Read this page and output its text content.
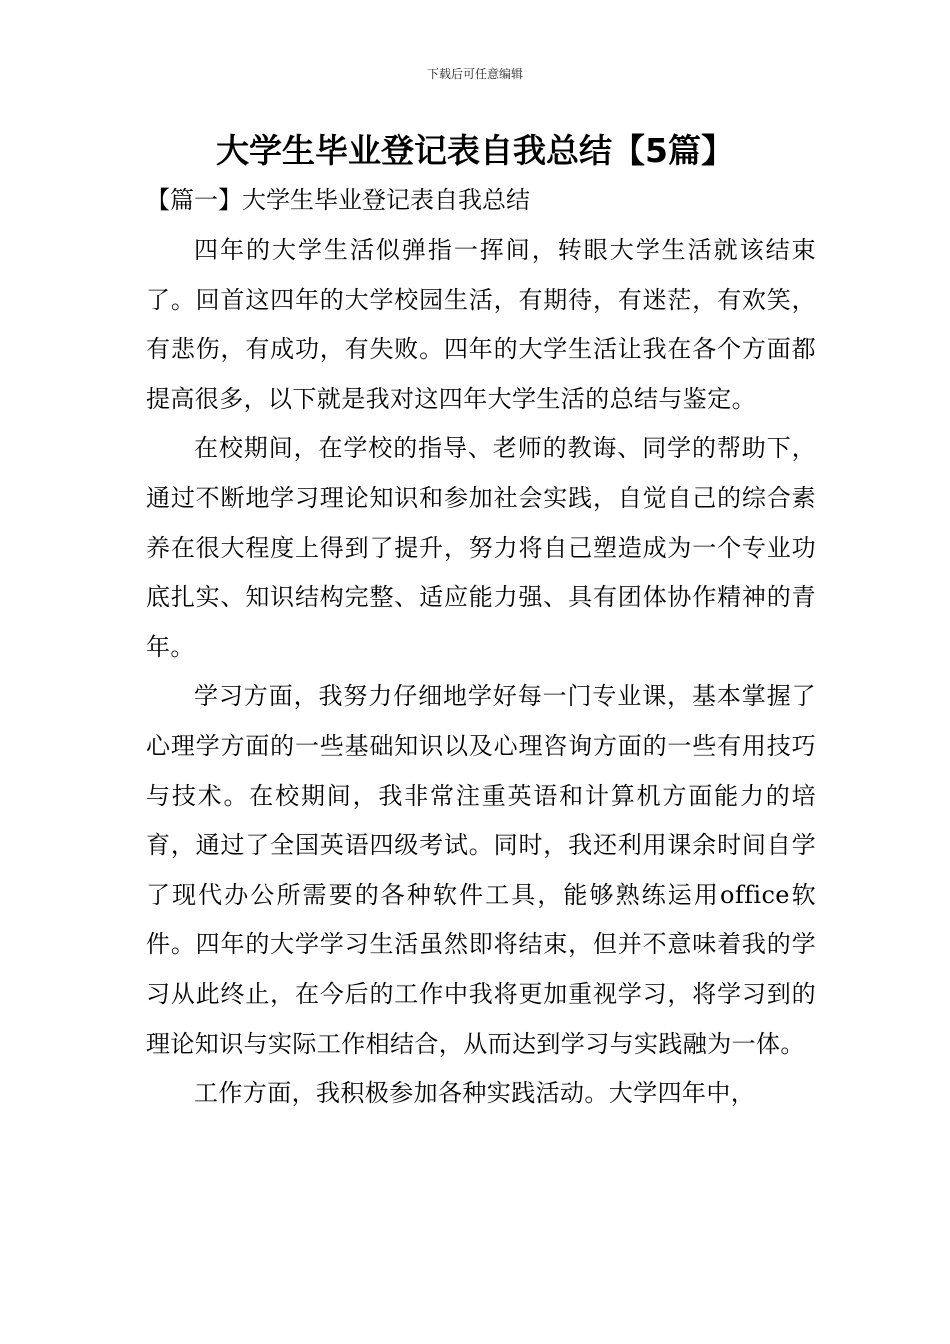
下载后可任意编辑
大学生毕业登记表自我总结【5篇】
【篇一】大学生毕业登记表自我总结

四年的大学生活似弹指一挥间，转眼大学生活就该结束了。回首这四年的大学校园生活，有期待，有迷茫，有欢笑，有悲伤，有成功，有失败。四年的大学生活让我在各个方面都提高很多，以下就是我对这四年大学生活的总结与鉴定。

在校期间，在学校的指导、老师的教诲、同学的帮助下，通过不断地学习理论知识和参加社会实践，自觉自己的综合素养在很大程度上得到了提升，努力将自己塑造成为一个专业功底扎实、知识结构完整、适应能力强、具有团体协作精神的青年。

学习方面，我努力仔细地学好每一门专业课，基本掌握了心理学方面的一些基础知识以及心理咨询方面的一些有用技巧与技术。在校期间，我非常注重英语和计算机方面能力的培育，通过了全国英语四级考试。同时，我还利用课余时间自学了现代办公所需要的各种软件工具，能够熟练运用office软件。四年的大学学习生活虽然即将结束，但并不意味着我的学习从此终止，在今后的工作中我将更加重视学习，将学习到的理论知识与实际工作相结合，从而达到学习与实践融为一体。

工作方面，我积极参加各种实践活动。大学四年中，
